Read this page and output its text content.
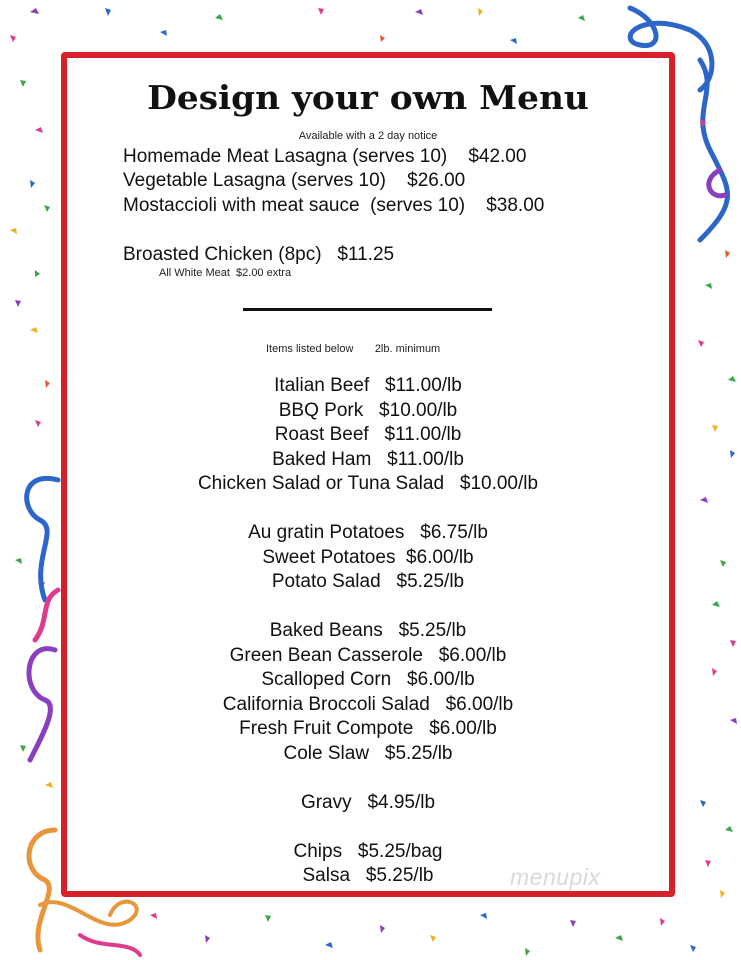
Design your own Menu
Available with a 2 day notice
Homemade Meat Lasagna (serves 10)    $42.00
Vegetable Lasagna (serves 10)    $26.00
Mostaccioli with meat sauce  (serves 10)    $38.00
Broasted Chicken (8pc)   $11.25
All White Meat  $2.00 extra
Items listed below       2lb. minimum
Italian Beef   $11.00/lb
BBQ Pork   $10.00/lb
Roast Beef   $11.00/lb
Baked Ham   $11.00/lb
Chicken Salad or Tuna Salad   $10.00/lb
Au gratin Potatoes   $6.75/lb
Sweet Potatoes  $6.00/lb
Potato Salad   $5.25/lb
Baked Beans   $5.25/lb
Green Bean Casserole   $6.00/lb
Scalloped Corn   $6.00/lb
California Broccoli Salad   $6.00/lb
Fresh Fruit Compote   $6.00/lb
Cole Slaw   $5.25/lb
Gravy   $4.95/lb
Chips   $5.25/bag
Salsa   $5.25/lb	menupix
